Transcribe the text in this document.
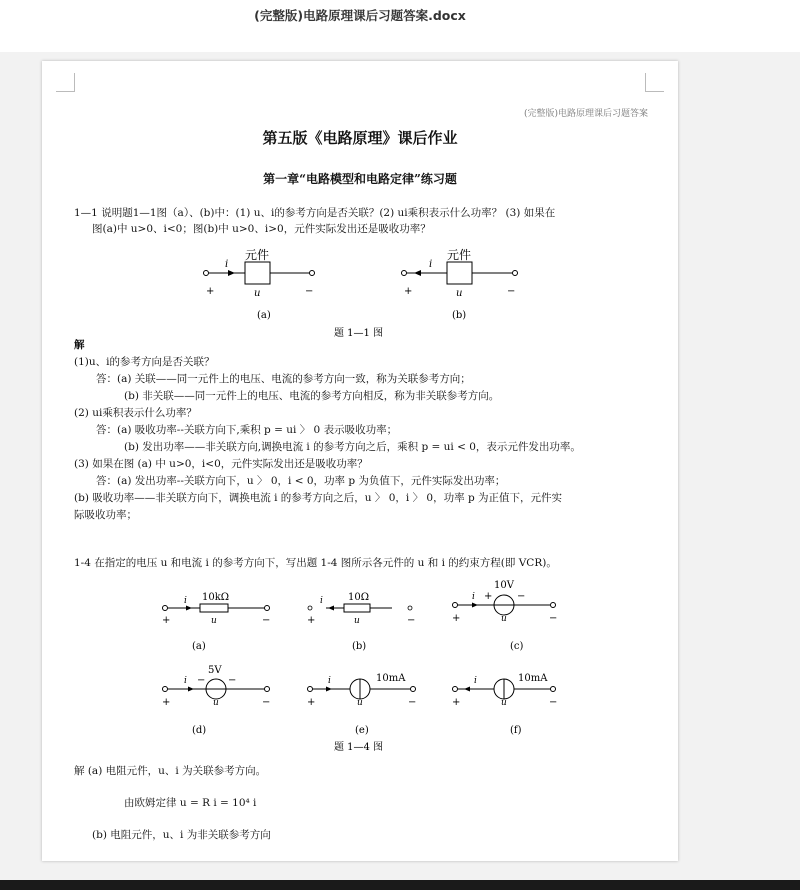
(完整版)电路原理课后习题答案.docx
(完整版)电路原理课后习题答案
第五版《电路原理》课后作业
第一章“电路模型和电路定律”练习题
1—1 说明题1—1图（a）、(b)中：(1) u、i的参考方向是否关联？(2) ui乘积表示什么功率？ (3) 如果在
图(a)中 u>0、i<0；图(b)中 u>0、i>0，元件实际发出还是吸收功率？
元件
i
+	u	−
(a)
元件
i
+	u	−
(b)
题 1—1 图
解
(1)u、i的参考方向是否关联？
答：(a) 关联——同一元件上的电压、电流的参考方向一致，称为关联参考方向；
(b) 非关联——同一元件上的电压、电流的参考方向相反，称为非关联参考方向。
(2) ui乘积表示什么功率？
答：(a) 吸收功率--关联方向下,乘积 p = ui 〉 0 表示吸收功率；
(b) 发出功率——非关联方向,调换电流 i 的参考方向之后，乘积 p = ui < 0，表示元件发出功率。
(3) 如果在图 (a) 中 u>0，i<0，元件实际发出还是吸收功率？
答：(a) 发出功率--关联方向下，u 〉 0，i < 0，功率 p 为负值下，元件实际发出功率；
(b) 吸收功率——非关联方向下，调换电流 i 的参考方向之后，u 〉 0，i 〉 0，功率 p 为正值下，元件实
际吸收功率；
1-4 在指定的电压 u 和电流 i 的参考方向下，写出题 1-4 图所示各元件的 u 和 i 的约束方程(即 VCR)。
10kΩ
i
+	u	−
(a)
10Ω
i
+	u	−
(b)
10V
i + −
+	u	−
(c)
5V
i − −
+	u	−
(d)
10mA
i
+	u	−
(e)
10mA
i
+	u	−
(f)
题 1—4 图
解 (a) 电阻元件，u、i 为关联参考方向。
由欧姆定律 u = R i = 10⁴ i
(b) 电阻元件，u、i 为非关联参考方向
